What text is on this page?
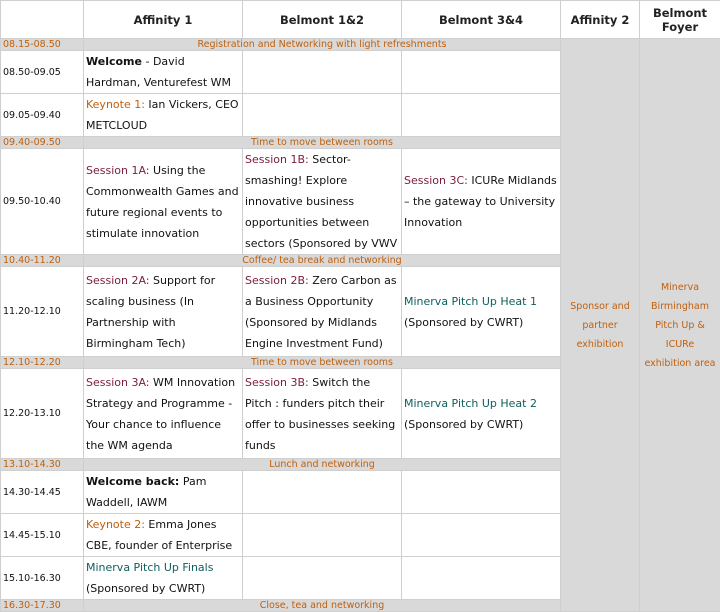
	Affinity 1	Belmont 1&2	Belmont 3&4	Affinity 2	Belmont Foyer
08.15-08.50	Registration and Networking with light refreshments			Sponsor and partner exhibition	Minerva Birmingham Pitch Up & ICURe exhibition area
08.50-09.05	Welcome - David Hardman, Venturefest WM				
09.05-09.40	Keynote 1: Ian Vickers, CEO METCLOUD				
09.40-09.50	Time to move between rooms				
09.50-10.40	Session 1A: Using the Commonwealth Games and future regional events to stimulate innovation	Session 1B: Sector-smashing! Explore innovative business opportunities between sectors (Sponsored by VWV	Session 3C: ICURe Midlands – the gateway to University Innovation		
10.40-11.20	Coffee/ tea break and networking				
11.20-12.10	Session 2A: Support for scaling business (In Partnership with Birmingham Tech)	Session 2B: Zero Carbon as a Business Opportunity (Sponsored by Midlands Engine Investment Fund)	Minerva Pitch Up Heat 1
(Sponsored by CWRT)		
12.10-12.20	Time to move between rooms				
12.20-13.10	Session 3A: WM Innovation Strategy and Programme - Your chance to influence the WM agenda	Session 3B: Switch the Pitch : funders pitch their offer to businesses seeking funds	Minerva Pitch Up Heat 2
(Sponsored by CWRT)		
13.10-14.30	Lunch and networking				
14.30-14.45	Welcome back: Pam Waddell, IAWM				
14.45-15.10	Keynote 2: Emma Jones CBE, founder of Enterprise				
15.10-16.30	Minerva Pitch Up Finals
(Sponsored by CWRT)				
16.30-17.30	Close, tea and networking				
